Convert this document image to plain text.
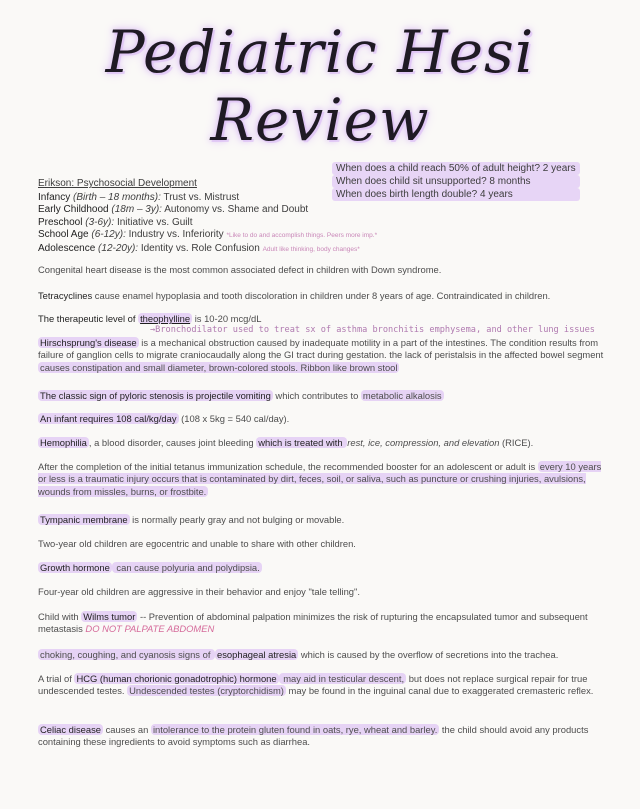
Pediatric Hesi Review
When does a child reach 50% of adult height? 2 years
When does child sit unsupported? 8 months
When does birth length double? 4 years
Erikson: Psychosocial Development
Infancy (Birth – 18 months): Trust vs. Mistrust
Early Childhood (18m – 3y): Autonomy vs. Shame and Doubt
Preschool (3-6y): Initiative vs. Guilt
School Age (6-12y): Industry vs. Inferiority *Like to do and accomplish things. Peers more imp.*
Adolescence (12-20y): Identity vs. Role Confusion Adult like thinking, body changes*
Congenital heart disease is the most common associated defect in children with Down syndrome.
Tetracyclines cause enamel hypoplasia and tooth discoloration in children under 8 years of age. Contraindicated in children.
The therapeutic level of theophylline is 10-20 mcg/dL
→Bronchodilator used to treat sx of asthma bronchitis emphysema, and other lung issues
Hirschsprung's disease is a mechanical obstruction caused by inadequate motility in a part of the intestines. The condition results from failure of ganglion cells to migrate craniocaudally along the GI tract during gestation. the lack of peristalsis in the affected bowel segment causes constipation and small diameter, brown-colored stools. Ribbon like brown stool
The classic sign of pyloric stenosis is projectile vomiting which contributes to metabolic alkalosis
An infant requires 108 cal/kg/day (108 x 5kg = 540 cal/day).
Hemophilia , a blood disorder, causes joint bleeding which is treated with rest, ice, compression, and elevation (RICE).
After the completion of the initial tetanus immunization schedule, the recommended booster for an adolescent or adult is every 10 years or less is a traumatic injury occurs that is contaminated by dirt, feces, soil, or saliva, such as puncture or crushing injuries, avulsions, wounds from missles, burns, or frostbite.
Tympanic membrane is normally pearly gray and not bulging or movable.
Two-year old children are egocentric and unable to share with other children.
Growth hormone can cause polyuria and polydipsia.
Four-year old children are aggressive in their behavior and enjoy "tale telling".
Child with Wilms tumor -- Prevention of abdominal palpation minimizes the risk of rupturing the encapsulated tumor and subsequent metastasis DO NOT PALPATE ABDOMEN
choking, coughing, and cyanosis signs of esophageal atresia which is caused by the overflow of secretions into the trachea.
A trial of HCG (human chorionic gonadotrophic) hormone may aid in testicular descent, but does not replace surgical repair for true undescended testes. Undescended testes (cryptorchidism) may be found in the inguinal canal due to exaggerated cremasteric reflex.
Celiac disease causes an intolerance to the protein gluten found in oats, rye, wheat and barley. the child should avoid any products containing these ingredients to avoid symptoms such as diarrhea.
